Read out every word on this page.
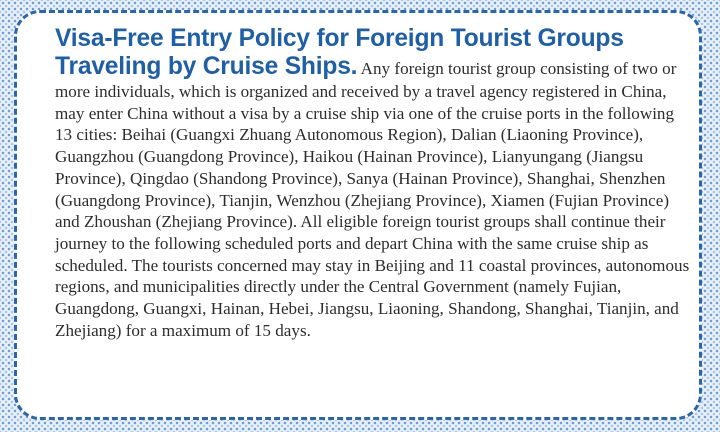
Visa-Free Entry Policy for Foreign Tourist Groups Traveling by Cruise Ships. Any foreign tourist group consisting of two or more individuals, which is organized and received by a travel agency registered in China, may enter China without a visa by a cruise ship via one of the cruise ports in the following 13 cities: Beihai (Guangxi Zhuang Autonomous Region), Dalian (Liaoning Province), Guangzhou (Guangdong Province), Haikou (Hainan Province), Lianyungang (Jiangsu Province), Qingdao (Shandong Province), Sanya (Hainan Province), Shanghai, Shenzhen (Guangdong Province), Tianjin, Wenzhou (Zhejiang Province), Xiamen (Fujian Province) and Zhoushan (Zhejiang Province). All eligible foreign tourist groups shall continue their journey to the following scheduled ports and depart China with the same cruise ship as scheduled. The tourists concerned may stay in Beijing and 11 coastal provinces, autonomous regions, and municipalities directly under the Central Government (namely Fujian, Guangdong, Guangxi, Hainan, Hebei, Jiangsu, Liaoning, Shandong, Shanghai, Tianjin, and Zhejiang) for a maximum of 15 days.
